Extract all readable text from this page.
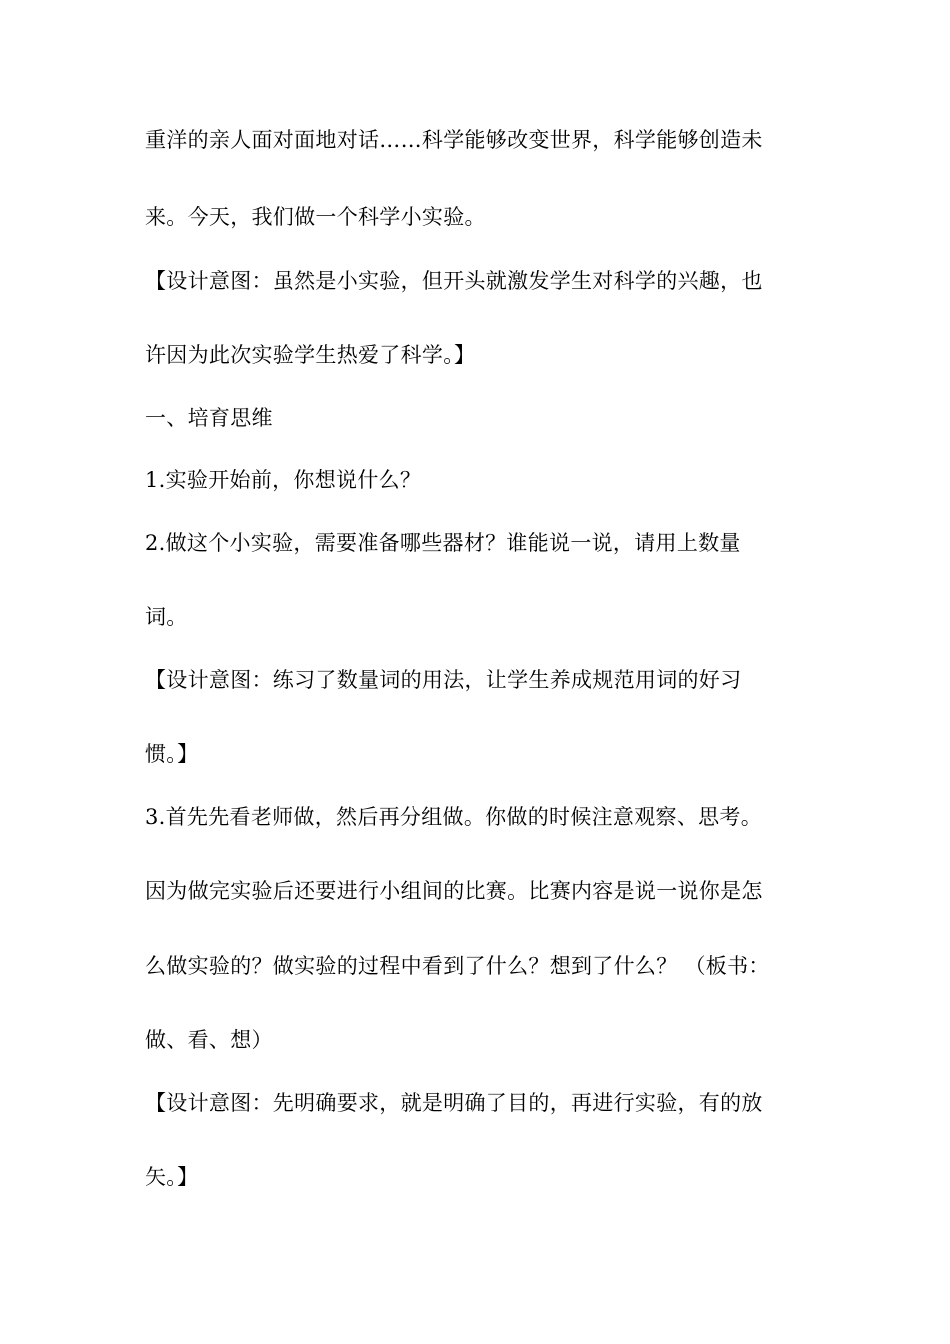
重洋的亲人面对面地对话……科学能够改变世界，科学能够创造未
来。今天，我们做一个科学小实验。
【设计意图：虽然是小实验，但开头就激发学生对科学的兴趣，也
许因为此次实验学生热爱了科学。】
一、培育思维
1.实验开始前，你想说什么？
2.做这个小实验，需要准备哪些器材？谁能说一说，请用上数量
词。
【设计意图：练习了数量词的用法，让学生养成规范用词的好习
惯。】
3.首先先看老师做，然后再分组做。你做的时候注意观察、思考。
因为做完实验后还要进行小组间的比赛。比赛内容是说一说你是怎
么做实验的？做实验的过程中看到了什么？想到了什么？ （板书：
做、看、想）
【设计意图：先明确要求，就是明确了目的，再进行实验，有的放
矢。】
